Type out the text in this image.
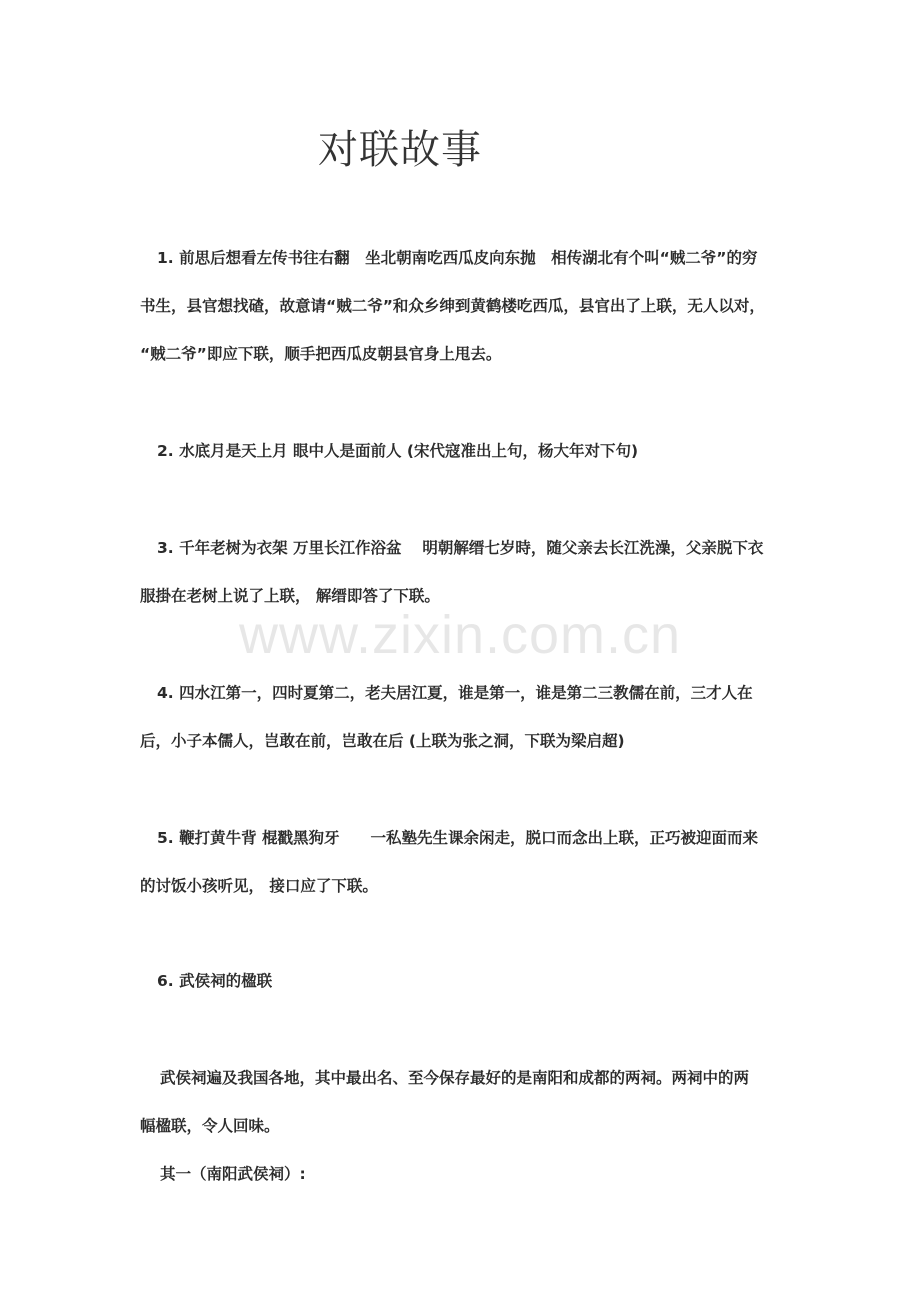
对联故事

1. 前思后想看左传书往右翻　坐北朝南吃西瓜皮向东抛　相传湖北有个叫“贼二爷”的穷

书生，县官想找碴，故意请“贼二爷”和众乡绅到黄鹤楼吃西瓜，县官出了上联，无人以对，

“贼二爷”即应下联，顺手把西瓜皮朝县官身上甩去。

2. 水底月是天上月 眼中人是面前人 (宋代寇准出上句，杨大年对下句)

3. 千年老树为衣架 万里长江作浴盆　 明朝解缙七岁時，随父亲去长江洗澡，父亲脱下衣

服掛在老树上说了上联， 解缙即答了下联。

4. 四水江第一，四时夏第二，老夫居江夏，谁是第一，谁是第二三教儒在前，三才人在

后，小子本儒人，岂敢在前，岂敢在后 (上联为张之洞，下联为梁启超)

5. 鞭打黄牛背 棍戳黑狗牙　　一私塾先生课余闲走，脱口而念出上联，正巧被迎面而来

的讨饭小孩听见， 接口应了下联。

6. 武侯祠的楹联

武侯祠遍及我国各地，其中最出名、至今保存最好的是南阳和成都的两祠。两祠中的两

幅楹联，令人回味。

其一（南阳武侯祠）:

www.zixin.com.cn
